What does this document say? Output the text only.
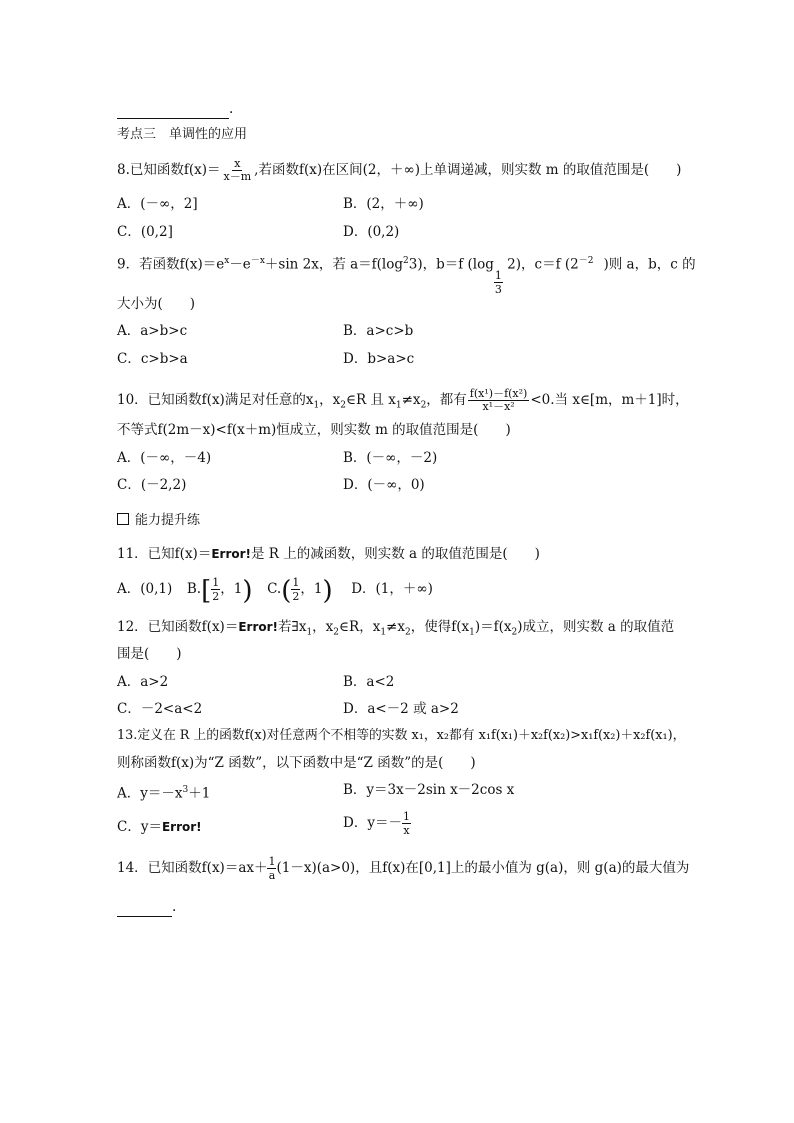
.
考点三　单调性的应用
8.已知函数$f(x)= \frac{x}{x-m}$ ,若函数f(x)在区间(2，＋∞)上单调递减，则实数 m 的取值范围是(　　)
A．(－∞，2]	B．(2，＋∞)
C．(0,2]	D．(0,2)
9．若函数$f(x)=e^x-e^{-x}+\sin$ 2x，若 $a=f(\log^23)$，b＝f (log
$\frac{1}{3}$
2)，c＝f ($2^{-2}$ )则 a，b，c 的
大小为(　　)
A．a>b>c	B．a>c>b
C．c>b>a	D．b>a>c
10．已知函数f(x)满足对任意的$x_1$，$x_2\in R$ 且 $x_1\ne x_2$，都有 $\frac{\text{f(x¹)－f(x²)}}{\text{x¹－x²}} <0$.当 x∈[m，m＋1]时，
不等式f(2m－x)<f(x＋m)恒成立，则实数 m 的取值范围是(　　)
A．(－∞，－4)	B．(－∞，－2)
C．(－2,2)	D．(－∞，0)
能力提升练
11．已知f(x)＝Error!是 R 上的减函数，则实数 a 的取值范围是(　　)
A．(0,1) $B.[ \frac{1}{2}$ ，1) $C.( \frac{1}{2}$ ，1) D．(1，＋∞)
12．已知函数f(x)＝Error!若$\exists x_1$，$x_2\in R$，$x_1\ne x_2$，使得$f(x_1)=f(x_2)$成立，则实数 a 的取值范
围是(　　)
A．a>2	B．a<2
C．－2<a<2	D．a<－2 或 a>2
13.定义在 R 上的函数f(x)对任意两个不相等的实数 x₁，x₂都有 x₁f(x₁)＋x₂f(x₂)>x₁f(x₂)＋x₂f(x₁)，
则称函数f(x)为“Z 函数”，以下函数中是“Z 函数”的是(　　)
A．$y=-x^3+1$	B．y＝3x－2sin x－2cos x
C．y＝Error!	D．$y=- \frac{1}{x}$
14．已知函数$f(x)=ax+ \frac{1}{a} (1-x)(a>0)$，且f(x)在[0,1]上的最小值为 g(a)，则 g(a)的最大值为
.
